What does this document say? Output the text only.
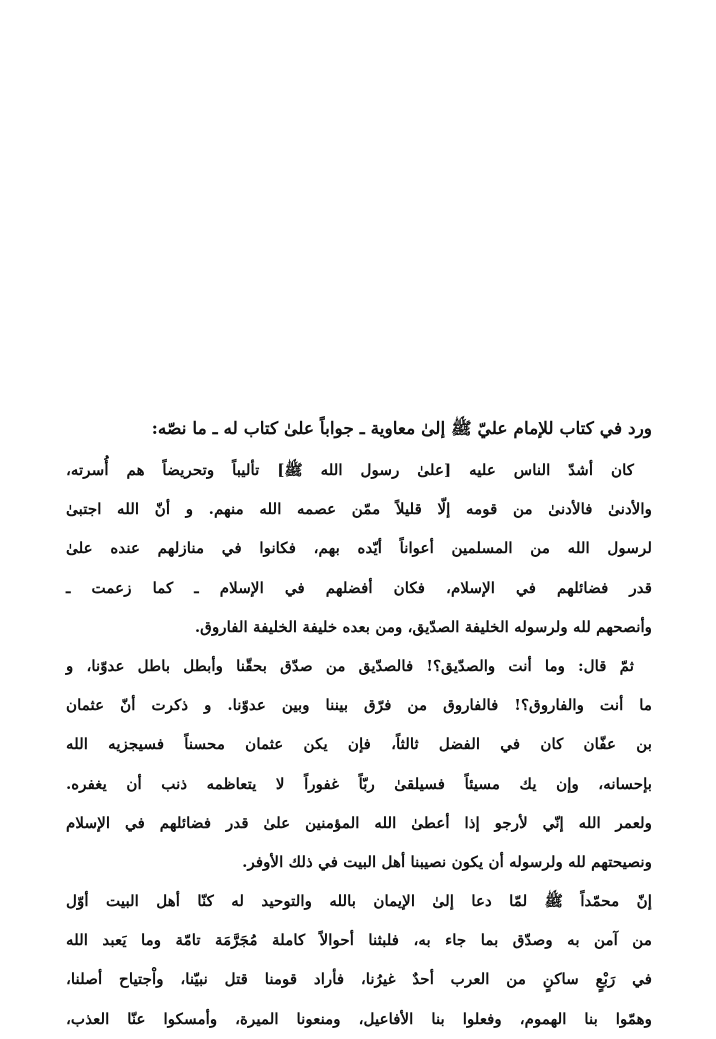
ورد في كتاب للإمام عليّ ﷺ إلىٰ معاوية ـ جواباً علىٰ كتاب له ـ ما نصّه:
كان أشدّ الناس عليه [علىٰ رسول الله ﷺ] تأليباً وتحريضاً هم أُسرته،
والأدنىٰ فالأدنىٰ من قومه إلّا قليلاً ممّن عصمه الله منهم. و أنّ الله اجتبىٰ
لرسول الله من المسلمين أعواناً أيّده بهم، فكانوا في منازلهم عنده علىٰ
قدر فضائلهم في الإسلام، فكان أفضلهم في الإسلام ـ كما زعمت ـ
وأنصحهم لله ولرسوله الخليفة الصدّيق، ومن بعده خليفة الخليفة الفاروق.
ثمّ قال: وما أنت والصدّيق؟! فالصدّيق من صدّق بحقّنا وأبطل باطل عدوّنا، و
ما أنت والفاروق؟! فالفاروق من فرّق بيننا وبين عدوّنا. و ذكرت أنّ عثمان
بن عفّان كان في الفضل ثالثاً، فإن يكن عثمان محسناً فسيجزيه الله
بإحسانه، وإن يك مسيئاً فسيلقىٰ ربّاً غفوراً لا يتعاظمه ذنب أن يغفره.
ولعمر الله إنّي لأرجو إذا أعطىٰ الله المؤمنين علىٰ قدر فضائلهم في الإسلام
ونصيحتهم لله ولرسوله أن يكون نصيبنا أهل البيت في ذلك الأوفر.
إنّ محمّداً ﷺ لمّا دعا إلىٰ الإيمان بالله والتوحيد له كنّا أهل البيت أوّل
من آمن به وصدّق بما جاء به، فلبثنا أحوالاً كاملة مُجَرَّمَة تامّة وما يَعبد الله
في رَبْعٍ ساكنٍ من العرب أحدٌ غيرُنا، فأراد قومنا قتل نبيّنا، واْجتياح أصلنا،
وهمّوا بنا الهموم، وفعلوا بنا الأفاعيل، ومنعونا الميرة، وأمسكوا عنّا العذب،
